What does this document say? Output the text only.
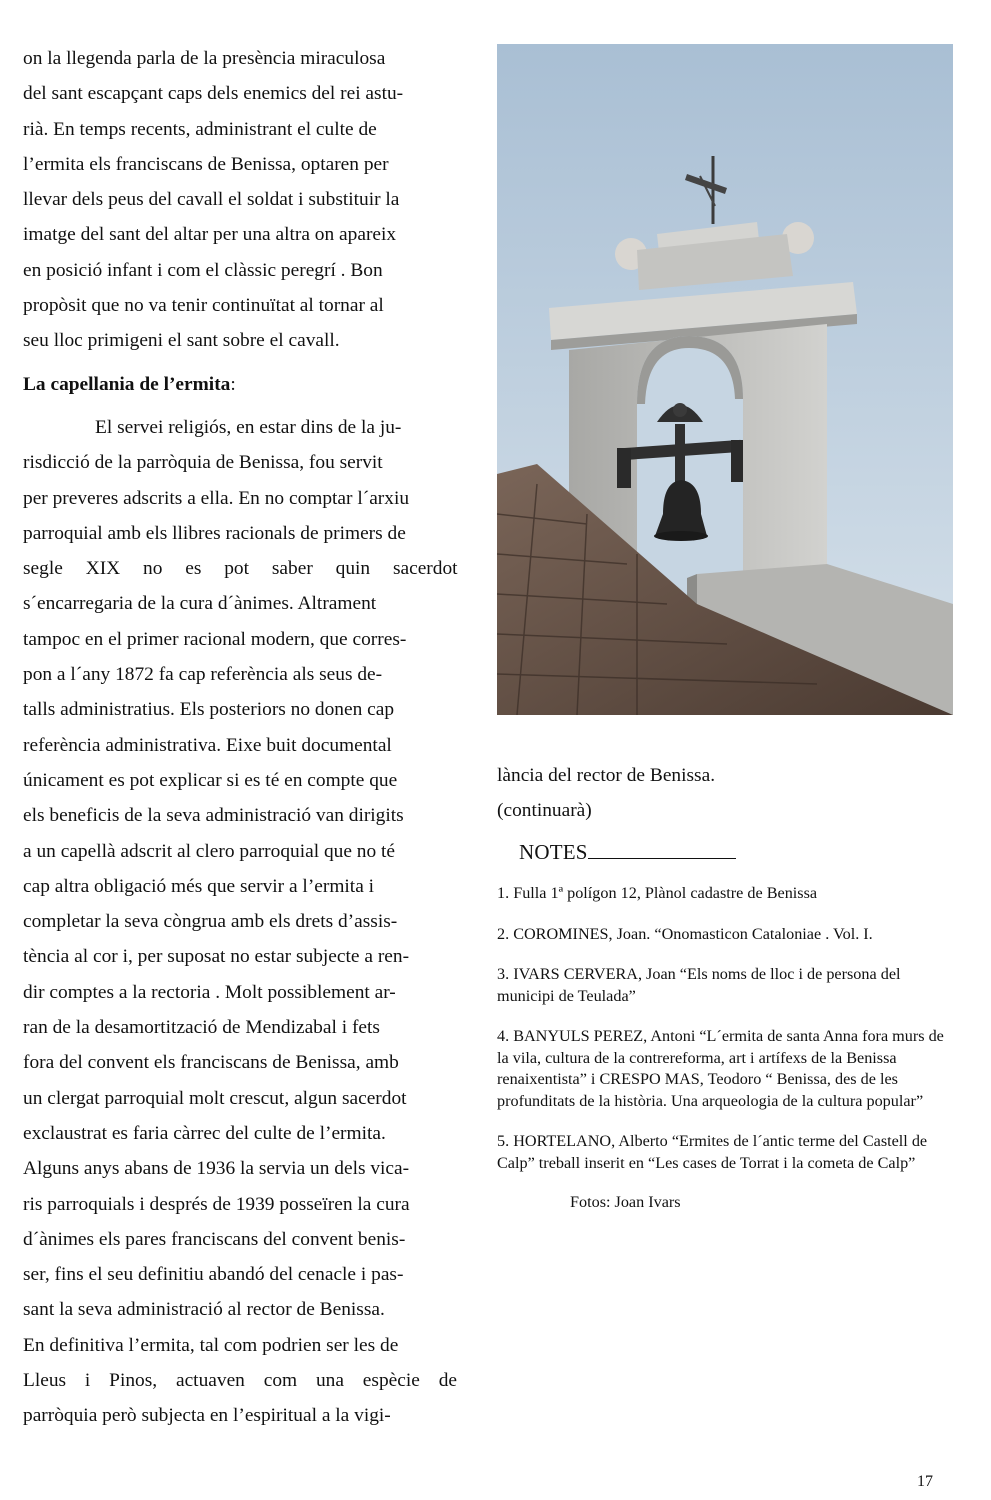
on la llegenda parla de la presència miraculosa

del sant escapçant caps dels enemics del rei astu-

rià. En temps recents, administrant el culte de

l’ermita els franciscans de Benissa, optaren per

llevar dels peus del cavall el soldat i substituir la

imatge del sant del altar per una altra on apareix

en posició infant i com el clàssic peregrí . Bon

propòsit que no va tenir continuïtat al tornar al

seu lloc primigeni el sant sobre el cavall.

La capellania de l’ermita:

El servei religiós, en estar dins de la ju-

risdicció de la parròquia de Benissa, fou servit

per preveres adscrits a ella. En no comptar l´arxiu

parroquial amb els llibres racionals de primers de

segle XIX no es pot saber quin sacerdot

s´encarregaria de la cura d´ànimes. Altrament

tampoc en el primer racional modern, que corres-

pon a l´any 1872 fa cap referència als seus de-

talls administratius. Els posteriors no donen cap

referència administrativa. Eixe buit documental

únicament es pot explicar si es té en compte que

els beneficis de la seva administració van dirigits

a un capellà adscrit al clero parroquial que no té

cap altra obligació més que servir a l’ermita i

completar la seva còngrua amb els drets d’assis-

tència al cor i, per suposat no estar subjecte a ren-

dir comptes a la rectoria . Molt possiblement ar-

ran de la desamortització de Mendizabal i fets

fora del convent els franciscans de Benissa, amb

un clergat parroquial molt crescut, algun sacerdot

exclaustrat es faria càrrec del culte de l’ermita.

Alguns anys abans de 1936 la servia un dels vica-

ris parroquials i després de 1939 posseïren la cura

d´ànimes els pares franciscans del convent benis-

ser, fins el seu definitiu abandó del cenacle i pas-

sant la seva administració al rector de Benissa.

En definitiva l’ermita, tal com podrien ser les de

Lleus i Pinos, actuaven com una espècie de

parròquia però subjecta en l’espiritual a la vigi-

lància del rector de Benissa.

(continuarà)

NOTES

1. Fulla 1ª polígon 12, Plànol cadastre de Benissa

2. COROMINES, Joan. “Onomasticon Cataloniae . Vol. I.

3. IVARS CERVERA, Joan “Els noms de lloc i de persona del municipi de Teulada”

4. BANYULS PEREZ, Antoni “L´ermita de santa Anna fora murs de la vila, cultura de la contrereforma, art i artífexs de la Benissa renaixentista” i CRESPO MAS, Teodoro “ Benissa, des de les profunditats de la història. Una arqueologia de la cultura popular”

5. HORTELANO, Alberto “Ermites de l´antic terme del Castell de Calp” treball inserit en “Les cases de Torrat i la cometa de Calp”

Fotos: Joan Ivars
17
